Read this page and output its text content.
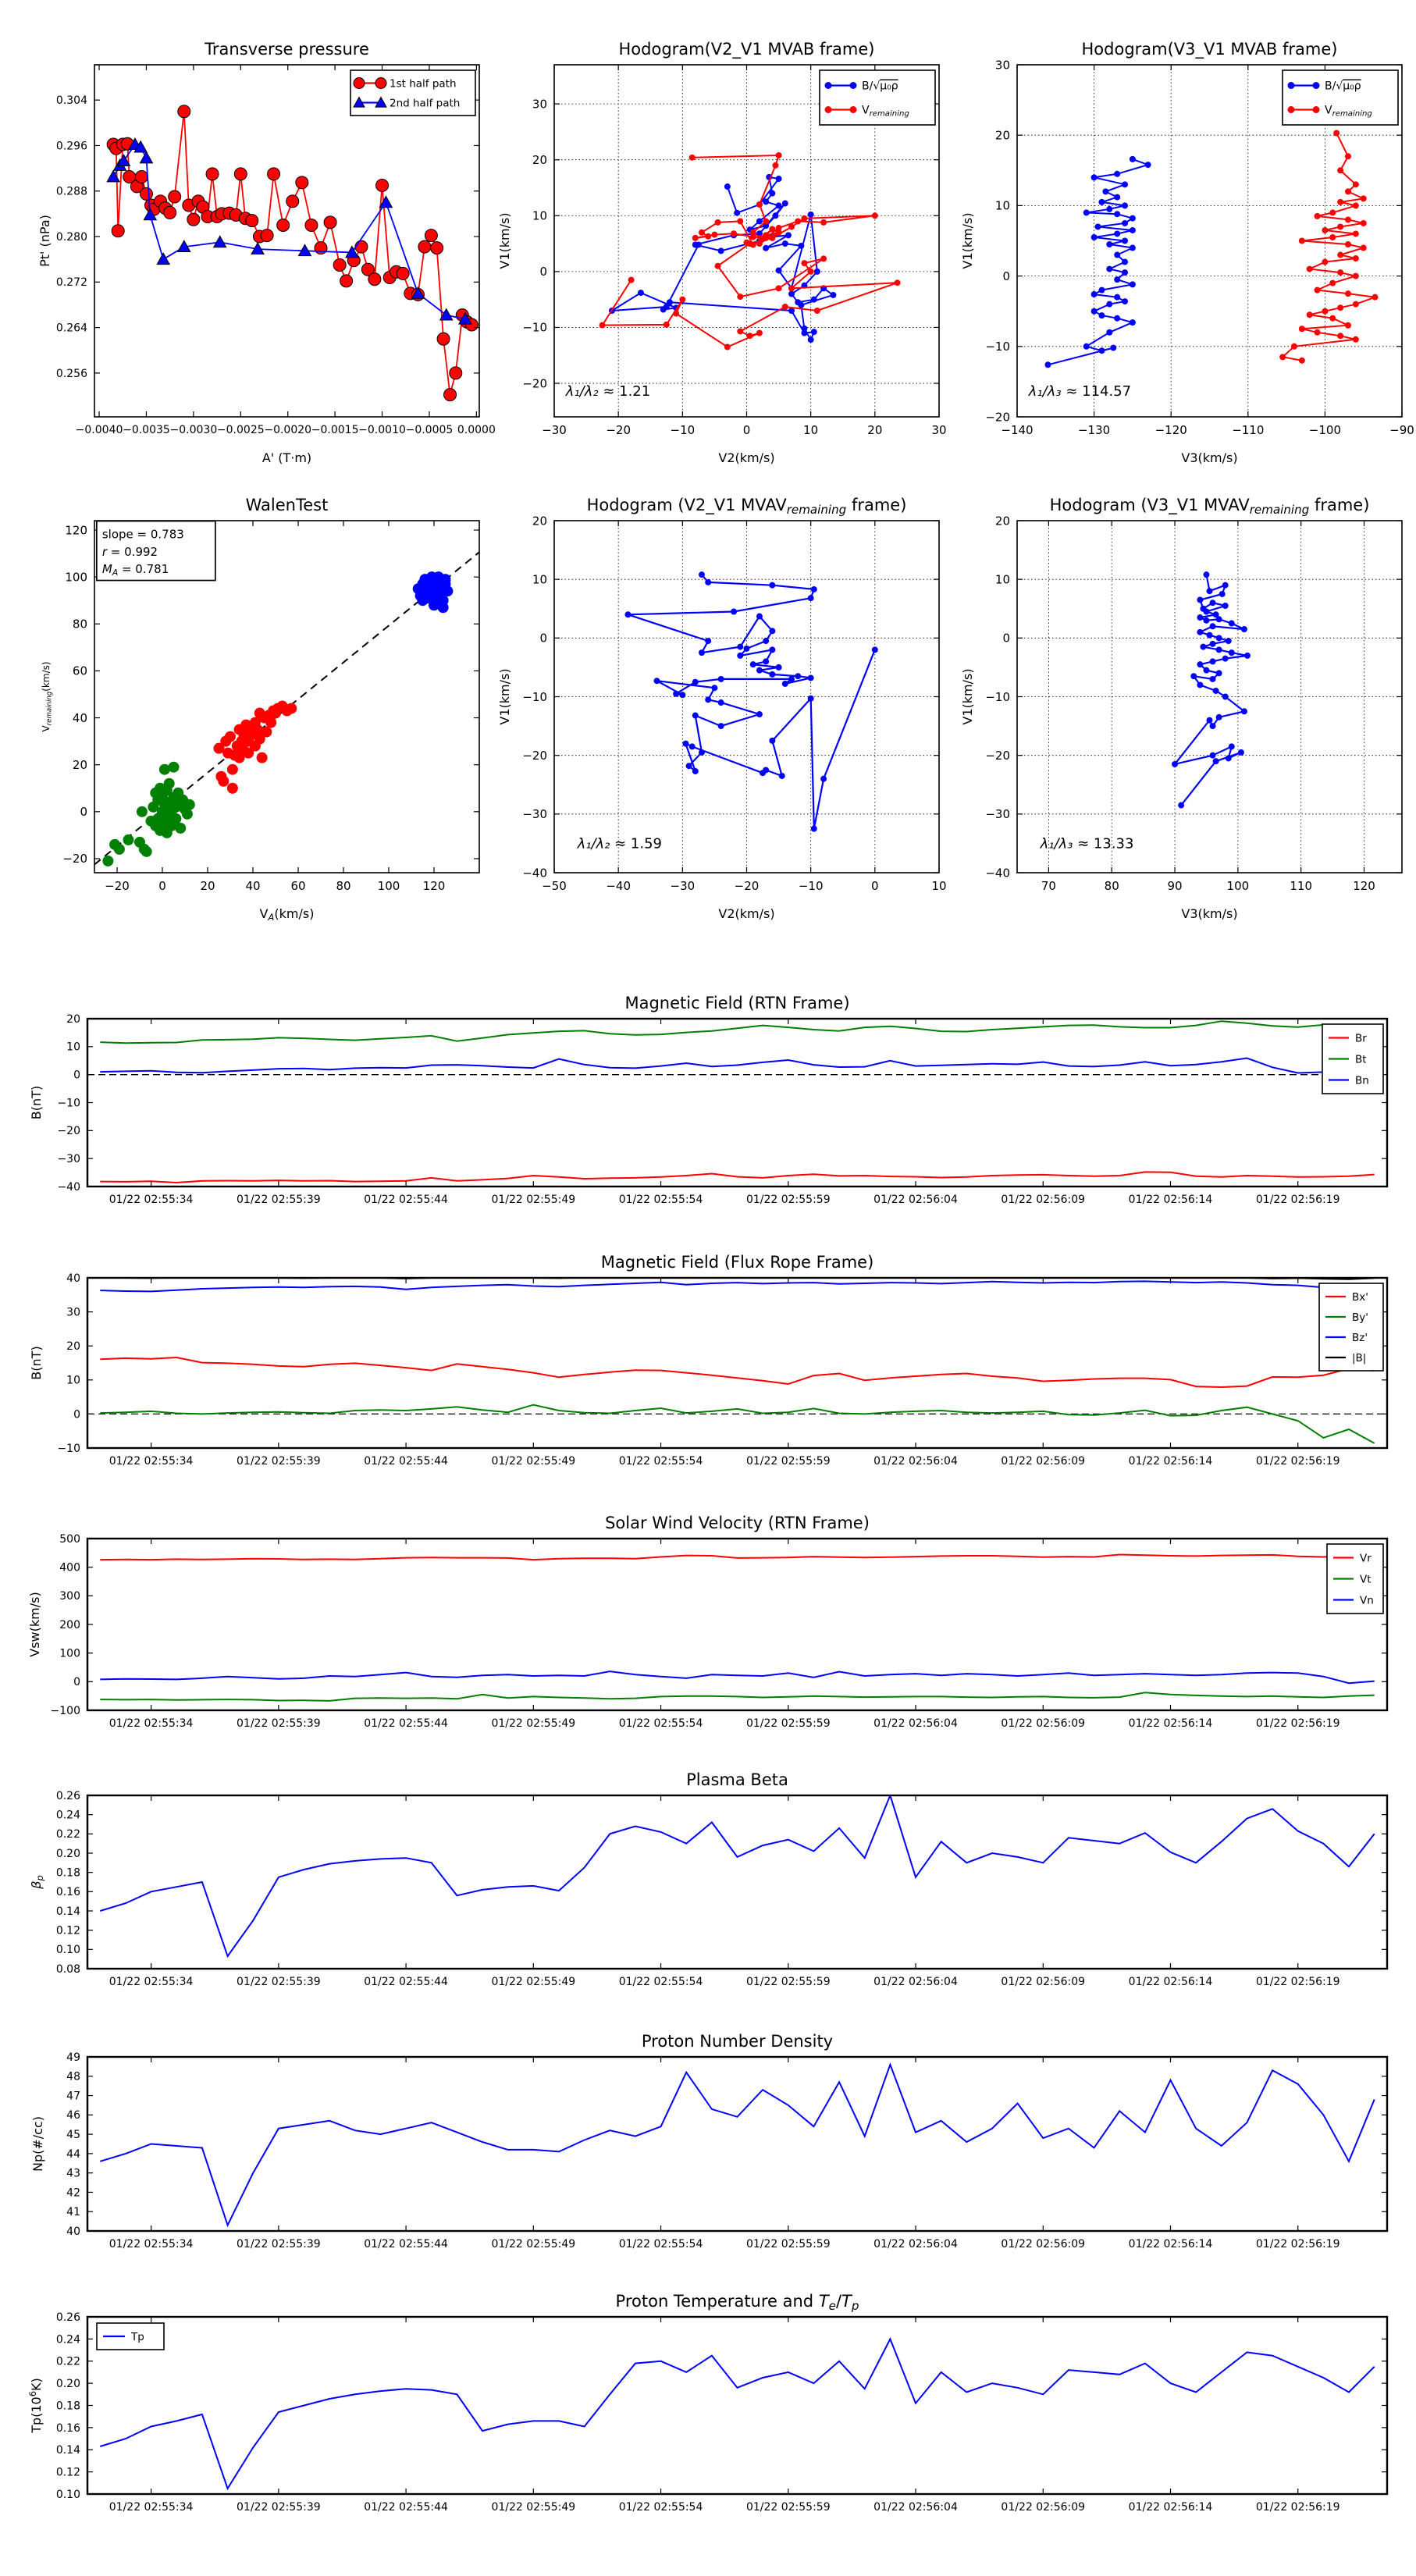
−0.0040 −0.0035 −0.0030 −0.0025 −0.0020 −0.0015 −0.0010 −0.0005 0.0000
0.256
0.264
0.272
0.280
0.288
0.296
0.304
Transverse pressure
A' (T·m)
Pt' (nPa)
1st half path
2nd half path
−30	−20	−10	0	10	20	30
−20
−10
0
10
20
30
Hodogram(V2_V1 MVAB frame)
V2(km/s)
V1(km/s)
λ₁/λ₂ ≈ 1.21
B/√μ₀ρ
Vremaining
−140	−130	−120	−110	−100	−90
−20
−10
0
10
20
30
Hodogram(V3_V1 MVAB frame)
V3(km/s)
V1(km/s)
λ₁/λ₃ ≈ 114.57
B/√μ₀ρ
Vremaining
−20 0	20	40	60	80 100 120
−20
0
20
40
60
80
100
120
WalenTest
$V_A(km/s)$
Vremaining(km/s)
slope = 0.783
r = 0.992
$M_A = 0.781$
−50	−40	−30	−20	−10	0	10
−40
−30
−20
−10
0
10
20
Hodogram (V2_V1 $MVAV_{remaining}$ frame)
V2(km/s)
V1(km/s)
λ₁/λ₂ ≈ 1.59
70	80	90	100	110	120
−40
−30
−20
−10
0
10
20
Hodogram (V3_V1 $MVAV_{remaining}$ frame)
V3(km/s)
V1(km/s)
λ₁/λ₃ ≈ 13.33
01/22 02:55:34	01/22 02:55:39	01/22 02:55:44	01/22 02:55:49	01/22 02:55:54	01/22 02:55:59	01/22 02:56:04	01/22 02:56:09	01/22 02:56:14	01/22 02:56:19
−40
−30
−20
−10
0
10
20
Magnetic Field (RTN Frame)
B(nT)
Br
Bt
Bn
01/22 02:55:34	01/22 02:55:39	01/22 02:55:44	01/22 02:55:49	01/22 02:55:54	01/22 02:55:59	01/22 02:56:04	01/22 02:56:09	01/22 02:56:14	01/22 02:56:19
−10
0
10
20
30
40
Magnetic Field (Flux Rope Frame)
B(nT)
Bx'
By'
Bz'
|B|
01/22 02:55:34	01/22 02:55:39	01/22 02:55:44	01/22 02:55:49	01/22 02:55:54	01/22 02:55:59	01/22 02:56:04	01/22 02:56:09	01/22 02:56:14	01/22 02:56:19
−100
0
100
200
300
400
500
Solar Wind Velocity (RTN Frame)
Vsw(km/s)
Vr
Vt
Vn
01/22 02:55:34	01/22 02:55:39	01/22 02:55:44	01/22 02:55:49	01/22 02:55:54	01/22 02:55:59	01/22 02:56:04	01/22 02:56:09	01/22 02:56:14	01/22 02:56:19
0.08
0.10
0.12
0.14
0.16
0.18
0.20
0.22
0.24
0.26
Plasma Beta
$\beta_p$
01/22 02:55:34	01/22 02:55:39	01/22 02:55:44	01/22 02:55:49	01/22 02:55:54	01/22 02:55:59	01/22 02:56:04	01/22 02:56:09	01/22 02:56:14	01/22 02:56:19
40
41
42
43
44
45
46
47
48
49
Proton Number Density
Np(#/cc)
01/22 02:55:34	01/22 02:55:39	01/22 02:55:44	01/22 02:55:49	01/22 02:55:54	01/22 02:55:59	01/22 02:56:04	01/22 02:56:09	01/22 02:56:14	01/22 02:56:19
0.10
0.12
0.14
0.16
0.18
0.20
0.22
0.24
0.26
Proton Temperature and $T_e/T_p$
$Tp(10^6K)$
Tp
